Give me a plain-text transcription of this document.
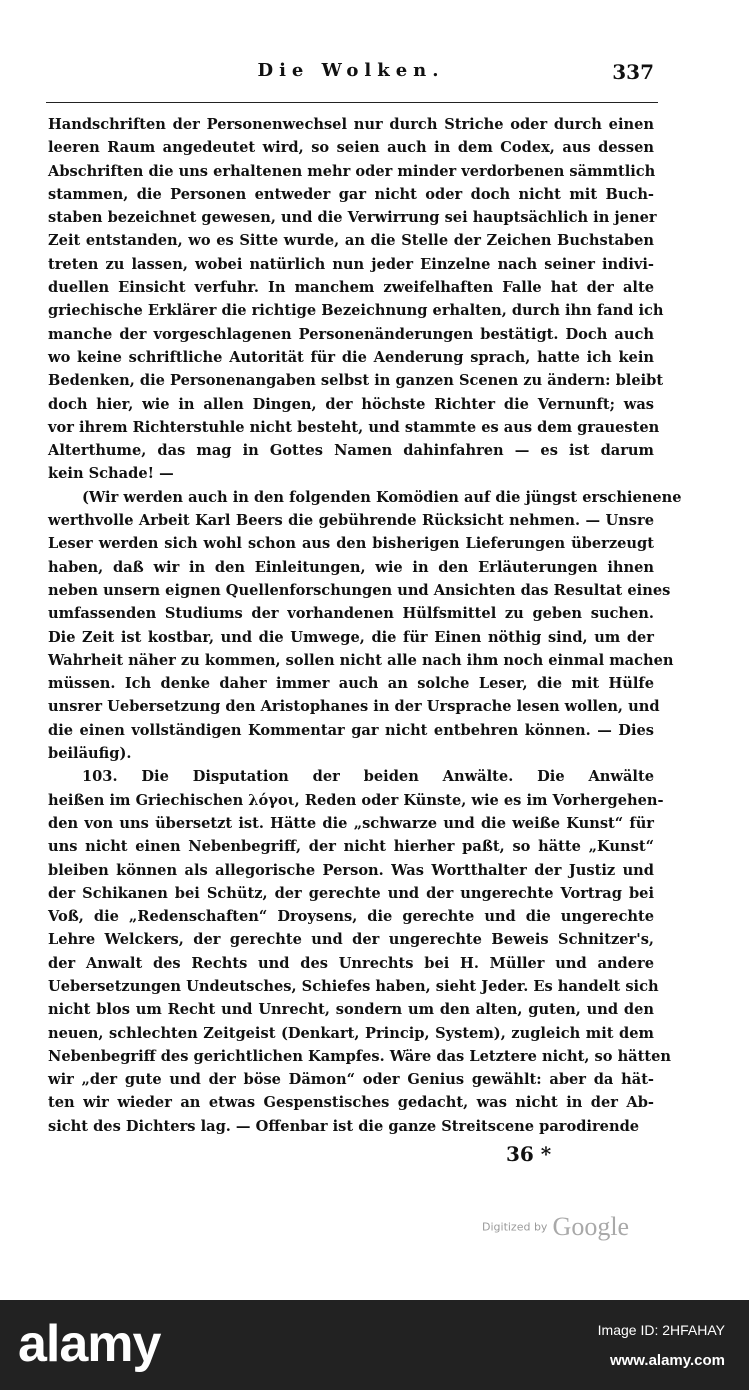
Die Wolken.	337
Handschriften der Personenwechsel nur durch Striche oder durch einen
leeren Raum angedeutet wird, so seien auch in dem Codex, aus dessen
Abschriften die uns erhaltenen mehr oder minder verdorbenen sämmtlich
stammen, die Personen entweder gar nicht oder doch nicht mit Buch-
staben bezeichnet gewesen, und die Verwirrung sei hauptsächlich in jener
Zeit entstanden, wo es Sitte wurde, an die Stelle der Zeichen Buchstaben
treten zu lassen, wobei natürlich nun jeder Einzelne nach seiner indivi-
duellen Einsicht verfuhr. In manchem zweifelhaften Falle hat der alte
griechische Erklärer die richtige Bezeichnung erhalten, durch ihn fand ich
manche der vorgeschlagenen Personenänderungen bestätigt. Doch auch
wo keine schriftliche Autorität für die Aenderung sprach, hatte ich kein
Bedenken, die Personenangaben selbst in ganzen Scenen zu ändern: bleibt
doch hier, wie in allen Dingen, der höchste Richter die Vernunft; was
vor ihrem Richterstuhle nicht besteht, und stammte es aus dem grauesten
Alterthume, das mag in Gottes Namen dahinfahren — es ist darum
kein Schade! —
(Wir werden auch in den folgenden Komödien auf die jüngst erschienene
werthvolle Arbeit Karl Beers die gebührende Rücksicht nehmen. — Unsre
Leser werden sich wohl schon aus den bisherigen Lieferungen überzeugt
haben, daß wir in den Einleitungen, wie in den Erläuterungen ihnen
neben unsern eignen Quellenforschungen und Ansichten das Resultat eines
umfassenden Studiums der vorhandenen Hülfsmittel zu geben suchen.
Die Zeit ist kostbar, und die Umwege, die für Einen nöthig sind, um der
Wahrheit näher zu kommen, sollen nicht alle nach ihm noch einmal machen
müssen. Ich denke daher immer auch an solche Leser, die mit Hülfe
unsrer Uebersetzung den Aristophanes in der Ursprache lesen wollen, und
die einen vollständigen Kommentar gar nicht entbehren können. — Dies
beiläufig).
103. Die Disputation der beiden Anwälte. Die Anwälte
heißen im Griechischen λόγοι, Reden oder Künste, wie es im Vorhergehen-
den von uns übersetzt ist. Hätte die „schwarze und die weiße Kunst“ für
uns nicht einen Nebenbegriff, der nicht hierher paßt, so hätte „Kunst“
bleiben können als allegorische Person. Was Wortthalter der Justiz und
der Schikanen bei Schütz, der gerechte und der ungerechte Vortrag bei
Voß, die „Redenschaften“ Droysens, die gerechte und die ungerechte
Lehre Welckers, der gerechte und der ungerechte Beweis Schnitzer's,
der Anwalt des Rechts und des Unrechts bei H. Müller und andere
Uebersetzungen Undeutsches, Schiefes haben, sieht Jeder. Es handelt sich
nicht blos um Recht und Unrecht, sondern um den alten, guten, und den
neuen, schlechten Zeitgeist (Denkart, Princip, System), zugleich mit dem
Nebenbegriff des gerichtlichen Kampfes. Wäre das Letztere nicht, so hätten
wir „der gute und der böse Dämon“ oder Genius gewählt: aber da hät-
ten wir wieder an etwas Gespenstisches gedacht, was nicht in der Ab-
sicht des Dichters lag. — Offenbar ist die ganze Streitscene parodirende
36 *
Digitized by Google
alamy	Image ID: 2HFAHAY
www.alamy.com
